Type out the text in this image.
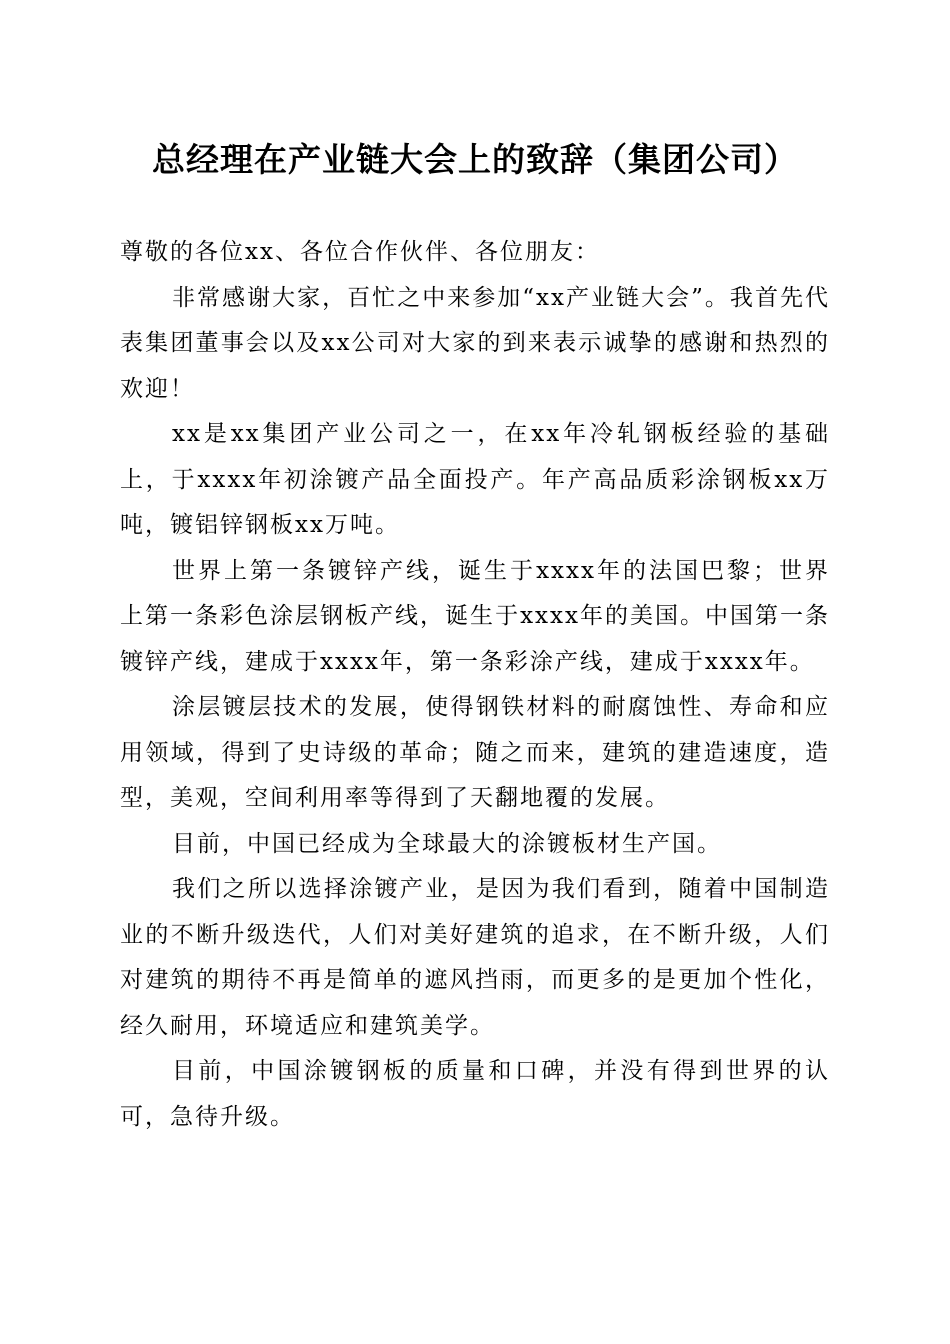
总经理在产业链大会上的致辞（集团公司）

尊敬的各位xx、各位合作伙伴、各位朋友：

非常感谢大家，百忙之中来参加“xx产业链大会”。我首先代表集团董事会以及xx公司对大家的到来表示诚挚的感谢和热烈的欢迎！

xx是xx集团产业公司之一，在xx年冷轧钢板经验的基础上，于xxxx年初涂镀产品全面投产。年产高品质彩涂钢板xx万吨，镀铝锌钢板xx万吨。

世界上第一条镀锌产线，诞生于xxxx年的法国巴黎；世界上第一条彩色涂层钢板产线，诞生于xxxx年的美国。中国第一条镀锌产线，建成于xxxx年，第一条彩涂产线，建成于xxxx年。

涂层镀层技术的发展，使得钢铁材料的耐腐蚀性、寿命和应用领域，得到了史诗级的革命；随之而来，建筑的建造速度，造型，美观，空间利用率等得到了天翻地覆的发展。

目前，中国已经成为全球最大的涂镀板材生产国。

我们之所以选择涂镀产业，是因为我们看到，随着中国制造业的不断升级迭代，人们对美好建筑的追求，在不断升级，人们对建筑的期待不再是简单的遮风挡雨，而更多的是更加个性化，经久耐用，环境适应和建筑美学。

目前，中国涂镀钢板的质量和口碑，并没有得到世界的认可，急待升级。
